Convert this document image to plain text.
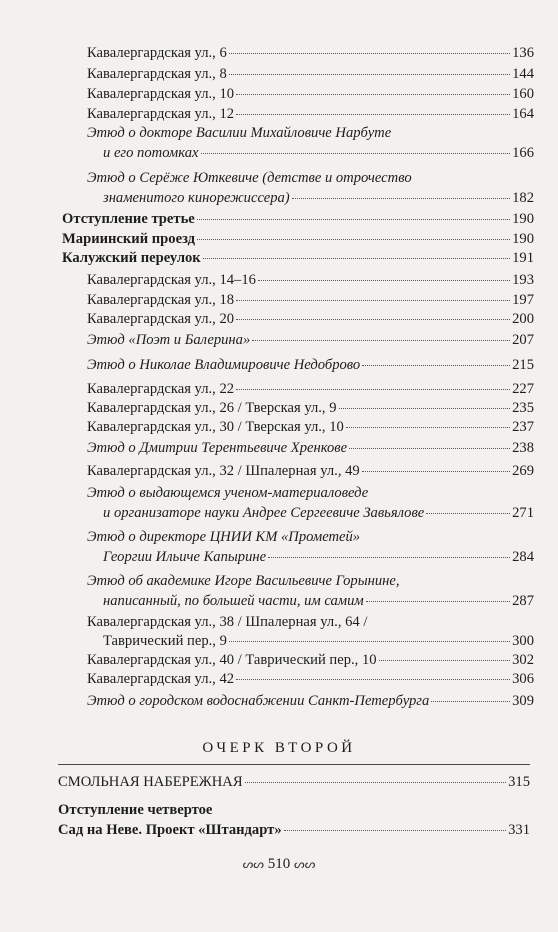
Кавалергардская ул., 6	136
Кавалергардская ул., 8	144
Кавалергардская ул., 10	160
Кавалергардская ул., 12	164
Этюд о докторе Василии Михайловиче Нарбуте
и его потомках	166
Этюд о Серёже Юткевиче (детстве и отрочество
знаменитого кинорежиссера)	182
Отступление третье	190
Мариинский проезд	190
Калужский переулок	191
Кавалергардская ул., 14–16	193
Кавалергардская ул., 18	197
Кавалергардская ул., 20	200
Этюд «Поэт и Балерина»	207
Этюд о Николае Владимировиче Недоброво	215
Кавалергардская ул., 22	227
Кавалергардская ул., 26 / Тверская ул., 9	235
Кавалергардская ул., 30 / Тверская ул., 10	237
Этюд о Дмитрии Терентьевиче Хренкове	238
Кавалергардская ул., 32 / Шпалерная ул., 49	269
Этюд о выдающемся ученом-материаловеде
и организаторе науки Андрее Сергеевиче Завьялове	271
Этюд о директоре ЦНИИ КМ «Прометей»
Георгии Ильиче Капырине	284
Этюд об академике Игоре Васильевиче Горынине,
написанный, по большей части, им самим	287
Кавалергардская ул., 38 / Шпалерная ул., 64 /
Таврический пер., 9	300
Кавалергардская ул., 40 / Таврический пер., 10	302
Кавалергардская ул., 42	306
Этюд о городском водоснабжении Санкт-Петербурга	309
ОЧЕРК ВТОРОЙ
СМОЛЬНАЯ НАБЕРЕЖНАЯ	315
Отступление четвертое
Сад на Неве. Проект «Штандарт»	331
ᔕᔕ 510 ᔕᔕ
